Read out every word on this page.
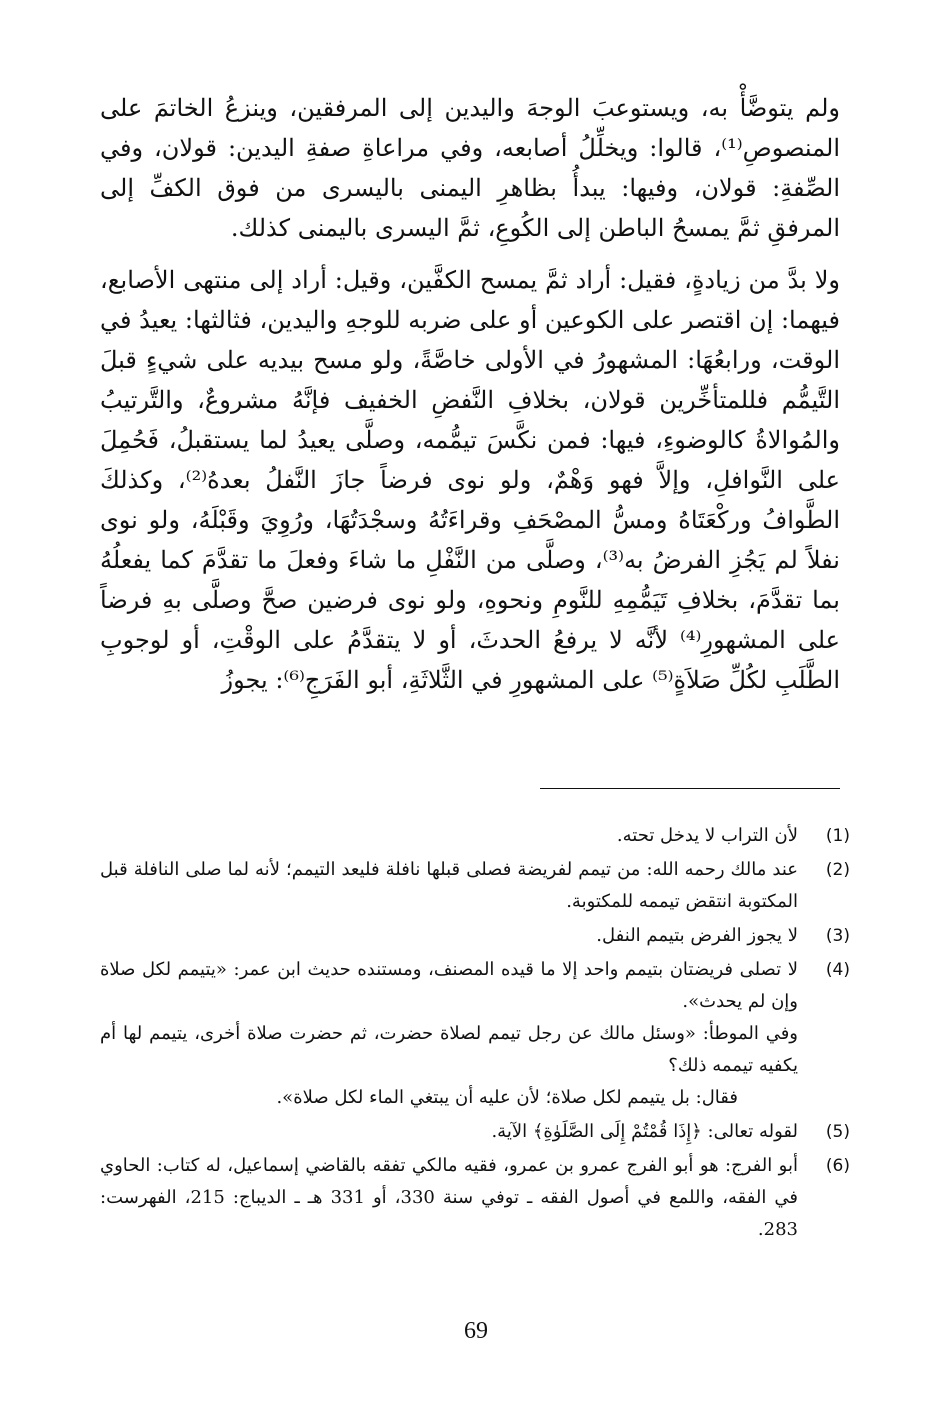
ولم يتوضَّأْ به، ويستوعبَ الوجهَ واليدين إلى المرفقين، وينزعُ الخاتمَ على المنصوصِ⁽¹⁾، قالوا: ويخلِّلُ أصابعه، وفي مراعاةِ صفةِ اليدين: قولان، وفي الصِّفةِ: قولان، وفيها: يبدأُ بظاهرِ اليمنى باليسرى من فوق الكفِّ إلى المرفقِ ثمَّ يمسحُ الباطن إلى الكُوعِ، ثمَّ اليسرى باليمنى كذلك.

ولا بدَّ من زيادةٍ، فقيل: أراد ثمَّ يمسح الكفَّين، وقيل: أراد إلى منتهى الأصابع، فيهما: إن اقتصر على الكوعين أو على ضربه للوجهِ واليدين، فثالثها: يعيدُ في الوقت، ورابعُهَا: المشهورُ في الأولى خاصَّةً، ولو مسح بيديه على شيءٍ قبلَ التَّيمُّم فللمتأخِّرين قولان، بخلافِ النَّفضِ الخفيف فإنَّهُ مشروعٌ، والتَّرتيبُ والمُوالاةُ كالوضوءِ، فيها: فمن نكَّسَ تيمُّمه، وصلَّى يعيدُ لما يستقبلُ، فَحُمِلَ على النَّوافلِ، وإلاَّ فهو وَهْمٌ، ولو نوى فرضاً جازَ النَّفلُ بعدهُ⁽²⁾، وكذلكَ الطَّوافُ وركْعَتَاهُ ومسُّ المصْحَفِ وقراءَتُهُ وسجْدَتُهَا، ورُوِيَ وقَبْلَهُ، ولو نوى نفلاً لم يَجُزِ الفرضُ به⁽³⁾، وصلَّى من النَّفْلِ ما شاءَ وفعلَ ما تقدَّمَ كما يفعلُهُ بما تقدَّمَ، بخلافِ تَيَمُّمِهِ للنَّومِ ونحوهِ، ولو نوى فرضين صحَّ وصلَّى بهِ فرضاً على المشهورِ⁽⁴⁾ لأنَّه لا يرفعُ الحدثَ، أو لا يتقدَّمُ على الوقْتِ، أو لوجوبِ الطَّلَبِ لكُلِّ صَلاَةٍ⁽⁵⁾ على المشهورِ في الثَّلاثَةِ، أبو الفَرَجِ⁽⁶⁾: يجوزُ

(1)
لأن التراب لا يدخل تحته.
(2)
عند مالك رحمه الله: من تيمم لفريضة فصلى قبلها نافلة فليعد التيمم؛ لأنه لما صلى النافلة قبل المكتوبة انتقض تيممه للمكتوبة.
(3)
لا يجوز الفرض بتيمم النفل.
(4)
لا تصلى فريضتان بتيمم واحد إلا ما قيده المصنف، ومستنده حديث ابن عمر: «يتيمم لكل صلاة وإن لم يحدث».
وفي الموطأ: «وسئل مالك عن رجل تيمم لصلاة حضرت، ثم حضرت صلاة أخرى، يتيمم لها أم يكفيه تيممه ذلك؟
فقال: بل يتيمم لكل صلاة؛ لأن عليه أن يبتغي الماء لكل صلاة».
(5)
لقوله تعالى: ﴿إِذَا قُمْتُمْ إِلَى الصَّلَوٰةِ﴾ الآية.
(6)
أبو الفرج: هو أبو الفرج عمرو بن عمرو، فقيه مالكي تفقه بالقاضي إسماعيل، له كتاب: الحاوي في الفقه، واللمع في أصول الفقه ـ توفي سنة 330، أو 331 هـ ـ الديباج: 215، الفهرست: 283.
69
